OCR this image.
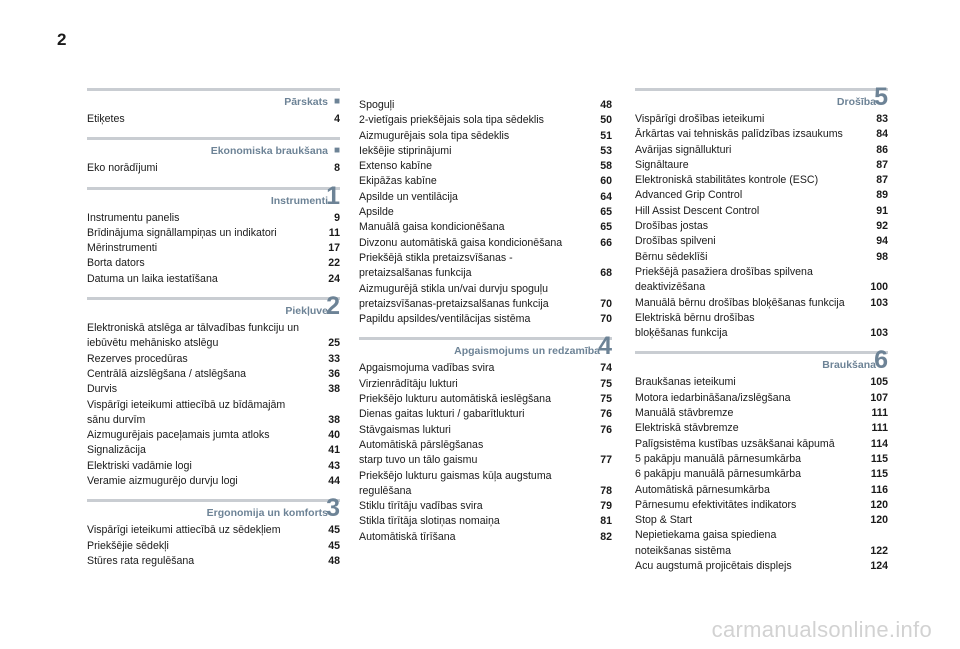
2
Pārskats ■
Etiķetes	4
Ekonomiska braukšana ■
Eko norādījumi	8
Instrumenti
1
Instrumentu panelis	9
Brīdinājuma signāllampiņas un indikatori	11
Mērinstrumenti	17
Borta dators	22
Datuma un laika iestatīšana	24
Piekļuve
2
Elektroniskā atslēga ar tālvadības funkciju un
iebūvētu mehānisko atslēgu	25
Rezerves procedūras	33
Centrālā aizslēgšana / atslēgšana	36
Durvis	38
Vispārīgi ieteikumi attiecībā uz bīdāmajām
sānu durvīm	38
Aizmugurējais paceļamais jumta atloks	40
Signalizācija	41
Elektriski vadāmie logi	43
Veramie aizmugurējo durvju logi	44
Ergonomija un komforts
3
Vispārīgi ieteikumi attiecībā uz sēdekļiem	45
Priekšējie sēdekļi	45
Stūres rata regulēšana	48
Spoguļi	48
2-vietīgais priekšējais sola tipa sēdeklis	50
Aizmugurējais sola tipa sēdeklis	51
Iekšējie stiprinājumi	53
Extenso kabīne	58
Ekipāžas kabīne	60
Apsilde un ventilācija	64
Apsilde	65
Manuālā gaisa kondicionēšana	65
Divzonu automātiskā gaisa kondicionēšana	66
Priekšējā stikla pretaizsvīšanas -
pretaizsalšanas funkcija	68
Aizmugurējā stikla un/vai durvju spoguļu
pretaizsvīšanas-pretaizsalšanas funkcija	70
Papildu apsildes/ventilācijas sistēma	70
Apgaismojums un redzamība
4
Apgaismojuma vadības svira	74
Virzienrādītāju lukturi	75
Priekšējo lukturu automātiskā ieslēgšana	75
Dienas gaitas lukturi / gabarītlukturi	76
Stāvgaismas lukturi	76
Automātiskā pārslēgšanas
starp tuvo un tālo gaismu	77
Priekšējo lukturu gaismas kūļa augstuma
regulēšana	78
Stiklu tīrītāju vadības svira	79
Stikla tīrītāja slotiņas nomaiņa	81
Automātiskā tīrīšana	82
Drošība
5
Vispārīgi drošības ieteikumi	83
Ārkārtas vai tehniskās palīdzības izsaukums	84
Avārijas signāllukturi	86
Signāltaure	87
Elektroniskā stabilitātes kontrole (ESC)	87
Advanced Grip Control	89
Hill Assist Descent Control	91
Drošības jostas	92
Drošības spilveni	94
Bērnu sēdeklīši	98
Priekšējā pasažiera drošības spilvena
deaktivizēšana	100
Manuālā bērnu drošības bloķēšanas funkcija	103
Elektriskā bērnu drošības
bloķēšanas funkcija	103
Braukšana
6
Braukšanas ieteikumi	105
Motora iedarbināšana/izslēgšana	107
Manuālā stāvbremze	111
Elektriskā stāvbremze	111
Palīgsistēma kustības uzsākšanai kāpumā	114
5 pakāpju manuālā pārnesumkārba	115
6 pakāpju manuālā pārnesumkārba	115
Automātiskā pārnesumkārba	116
Pārnesumu efektivitātes indikators	120
Stop & Start	120
Nepietiekama gaisa spiediena
noteikšanas sistēma	122
Acu augstumā projicētais displejs	124
carmanualsonline.info
